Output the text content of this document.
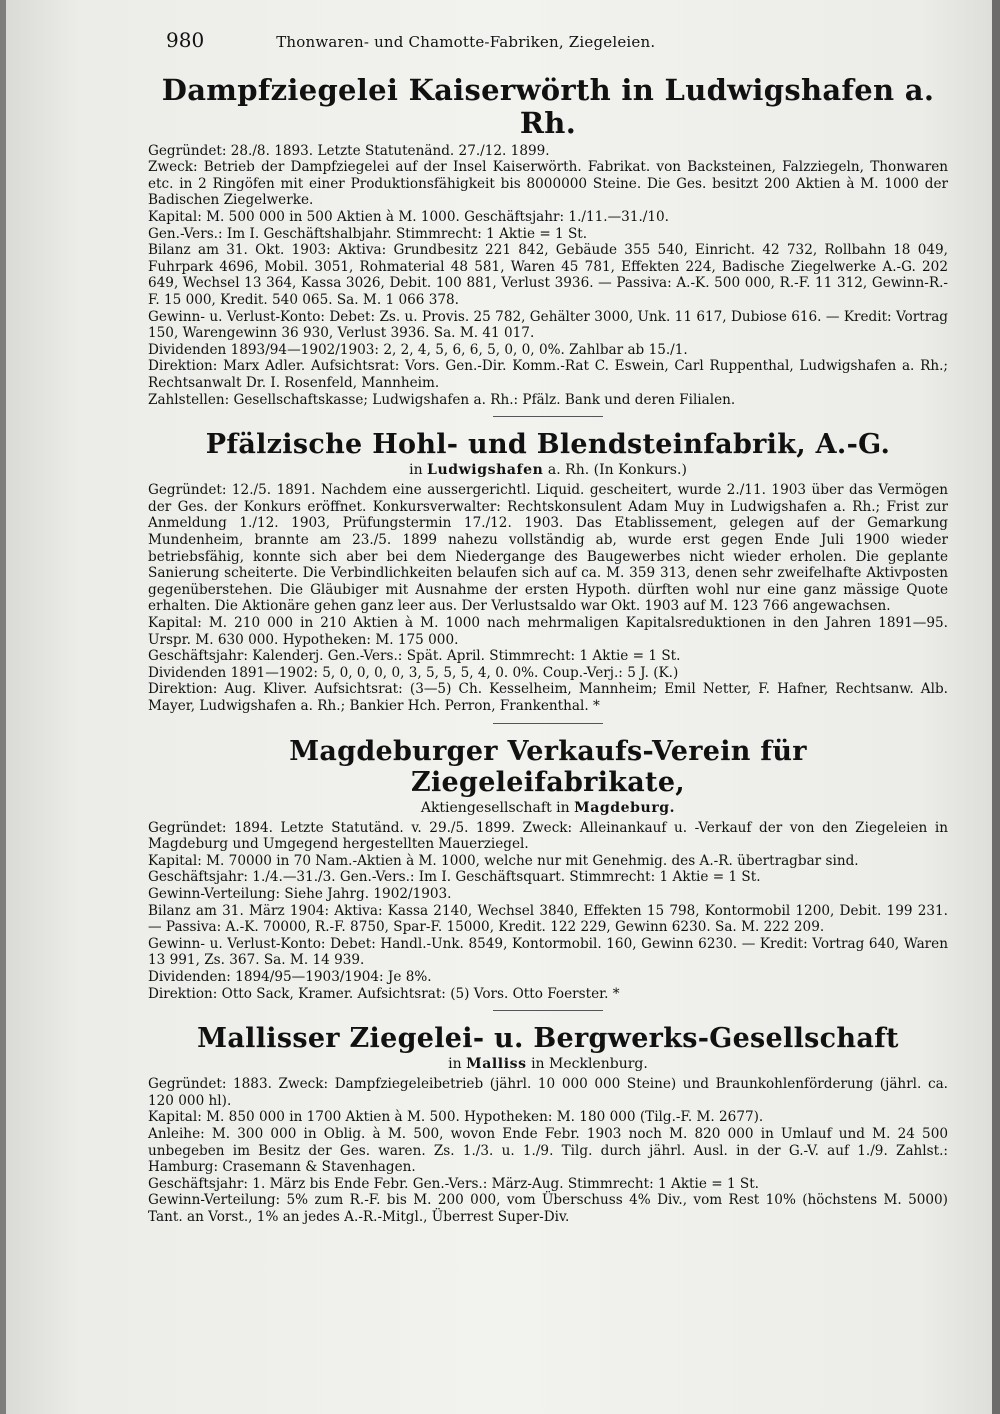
980	Thonwaren- und Chamotte-Fabriken, Ziegeleien.
Dampfziegelei Kaiserwörth in Ludwigshafen a. Rh.

Gegründet: 28./8. 1893. Letzte Statutenänd. 27./12. 1899.

Zweck: Betrieb der Dampfziegelei auf der Insel Kaiserwörth. Fabrikat. von Backsteinen, Falzziegeln, Thonwaren etc. in 2 Ringöfen mit einer Produktionsfähigkeit bis 8000000 Steine. Die Ges. besitzt 200 Aktien à M. 1000 der Badischen Ziegelwerke.

Kapital: M. 500 000 in 500 Aktien à M. 1000. Geschäftsjahr: 1./11.—31./10.

Gen.-Vers.: Im I. Geschäftshalbjahr. Stimmrecht: 1 Aktie = 1 St.

Bilanz am 31. Okt. 1903: Aktiva: Grundbesitz 221 842, Gebäude 355 540, Einricht. 42 732, Rollbahn 18 049, Fuhrpark 4696, Mobil. 3051, Rohmaterial 48 581, Waren 45 781, Effekten 224, Badische Ziegelwerke A.-G. 202 649, Wechsel 13 364, Kassa 3026, Debit. 100 881, Verlust 3936. — Passiva: A.-K. 500 000, R.-F. 11 312, Gewinn-R.-F. 15 000, Kredit. 540 065. Sa. M. 1 066 378.

Gewinn- u. Verlust-Konto: Debet: Zs. u. Provis. 25 782, Gehälter 3000, Unk. 11 617, Dubiose 616. — Kredit: Vortrag 150, Warengewinn 36 930, Verlust 3936. Sa. M. 41 017.

Dividenden 1893/94—1902/1903: 2, 2, 4, 5, 6, 6, 5, 0, 0, 0%. Zahlbar ab 15./1.

Direktion: Marx Adler. Aufsichtsrat: Vors. Gen.-Dir. Komm.-Rat C. Eswein, Carl Ruppenthal, Ludwigshafen a. Rh.; Rechtsanwalt Dr. I. Rosenfeld, Mannheim.

Zahlstellen: Gesellschaftskasse; Ludwigshafen a. Rh.: Pfälz. Bank und deren Filialen.

Pfälzische Hohl- und Blendsteinfabrik, A.-G.
in Ludwigshafen a. Rh. (In Konkurs.)

Gegründet: 12./5. 1891. Nachdem eine aussergerichtl. Liquid. gescheitert, wurde 2./11. 1903 über das Vermögen der Ges. der Konkurs eröffnet. Konkursverwalter: Rechtskonsulent Adam Muy in Ludwigshafen a. Rh.; Frist zur Anmeldung 1./12. 1903, Prüfungstermin 17./12. 1903. Das Etablissement, gelegen auf der Gemarkung Mundenheim, brannte am 23./5. 1899 nahezu vollständig ab, wurde erst gegen Ende Juli 1900 wieder betriebsfähig, konnte sich aber bei dem Niedergange des Baugewerbes nicht wieder erholen. Die geplante Sanierung scheiterte. Die Verbindlichkeiten belaufen sich auf ca. M. 359 313, denen sehr zweifelhafte Aktivposten gegenüberstehen. Die Gläubiger mit Ausnahme der ersten Hypoth. dürften wohl nur eine ganz mässige Quote erhalten. Die Aktionäre gehen ganz leer aus. Der Verlustsaldo war Okt. 1903 auf M. 123 766 angewachsen.

Kapital: M. 210 000 in 210 Aktien à M. 1000 nach mehrmaligen Kapitalsreduktionen in den Jahren 1891—95. Urspr. M. 630 000. Hypotheken: M. 175 000.

Geschäftsjahr: Kalenderj. Gen.-Vers.: Spät. April. Stimmrecht: 1 Aktie = 1 St.

Dividenden 1891—1902: 5, 0, 0, 0, 0, 3, 5, 5, 5, 4, 0. 0%. Coup.-Verj.: 5 J. (K.)

Direktion: Aug. Kliver. Aufsichtsrat: (3—5) Ch. Kesselheim, Mannheim; Emil Netter, F. Hafner, Rechtsanw. Alb. Mayer, Ludwigshafen a. Rh.; Bankier Hch. Perron, Frankenthal. *

Magdeburger Verkaufs-Verein für Ziegeleifabrikate,
Aktiengesellschaft in Magdeburg.

Gegründet: 1894. Letzte Statutänd. v. 29./5. 1899. Zweck: Alleinankauf u. -Verkauf der von den Ziegeleien in Magdeburg und Umgegend hergestellten Mauerziegel.

Kapital: M. 70000 in 70 Nam.-Aktien à M. 1000, welche nur mit Genehmig. des A.-R. übertragbar sind.

Geschäftsjahr: 1./4.—31./3. Gen.-Vers.: Im I. Geschäftsquart. Stimmrecht: 1 Aktie = 1 St.

Gewinn-Verteilung: Siehe Jahrg. 1902/1903.

Bilanz am 31. März 1904: Aktiva: Kassa 2140, Wechsel 3840, Effekten 15 798, Kontormobil 1200, Debit. 199 231. — Passiva: A.-K. 70000, R.-F. 8750, Spar-F. 15000, Kredit. 122 229, Gewinn 6230. Sa. M. 222 209.

Gewinn- u. Verlust-Konto: Debet: Handl.-Unk. 8549, Kontormobil. 160, Gewinn 6230. — Kredit: Vortrag 640, Waren 13 991, Zs. 367. Sa. M. 14 939.

Dividenden: 1894/95—1903/1904: Je 8%.

Direktion: Otto Sack, Kramer. Aufsichtsrat: (5) Vors. Otto Foerster. *

Mallisser Ziegelei- u. Bergwerks-Gesellschaft
in Malliss in Mecklenburg.

Gegründet: 1883. Zweck: Dampfziegeleibetrieb (jährl. 10 000 000 Steine) und Braunkohlenförderung (jährl. ca. 120 000 hl).

Kapital: M. 850 000 in 1700 Aktien à M. 500. Hypotheken: M. 180 000 (Tilg.-F. M. 2677).

Anleihe: M. 300 000 in Oblig. à M. 500, wovon Ende Febr. 1903 noch M. 820 000 in Umlauf und M. 24 500 unbegeben im Besitz der Ges. waren. Zs. 1./3. u. 1./9. Tilg. durch jährl. Ausl. in der G.-V. auf 1./9. Zahlst.: Hamburg: Crasemann & Stavenhagen.

Geschäftsjahr: 1. März bis Ende Febr. Gen.-Vers.: März-Aug. Stimmrecht: 1 Aktie = 1 St.

Gewinn-Verteilung: 5% zum R.-F. bis M. 200 000, vom Überschuss 4% Div., vom Rest 10% (höchstens M. 5000) Tant. an Vorst., 1% an jedes A.-R.-Mitgl., Überrest Super-Div.
